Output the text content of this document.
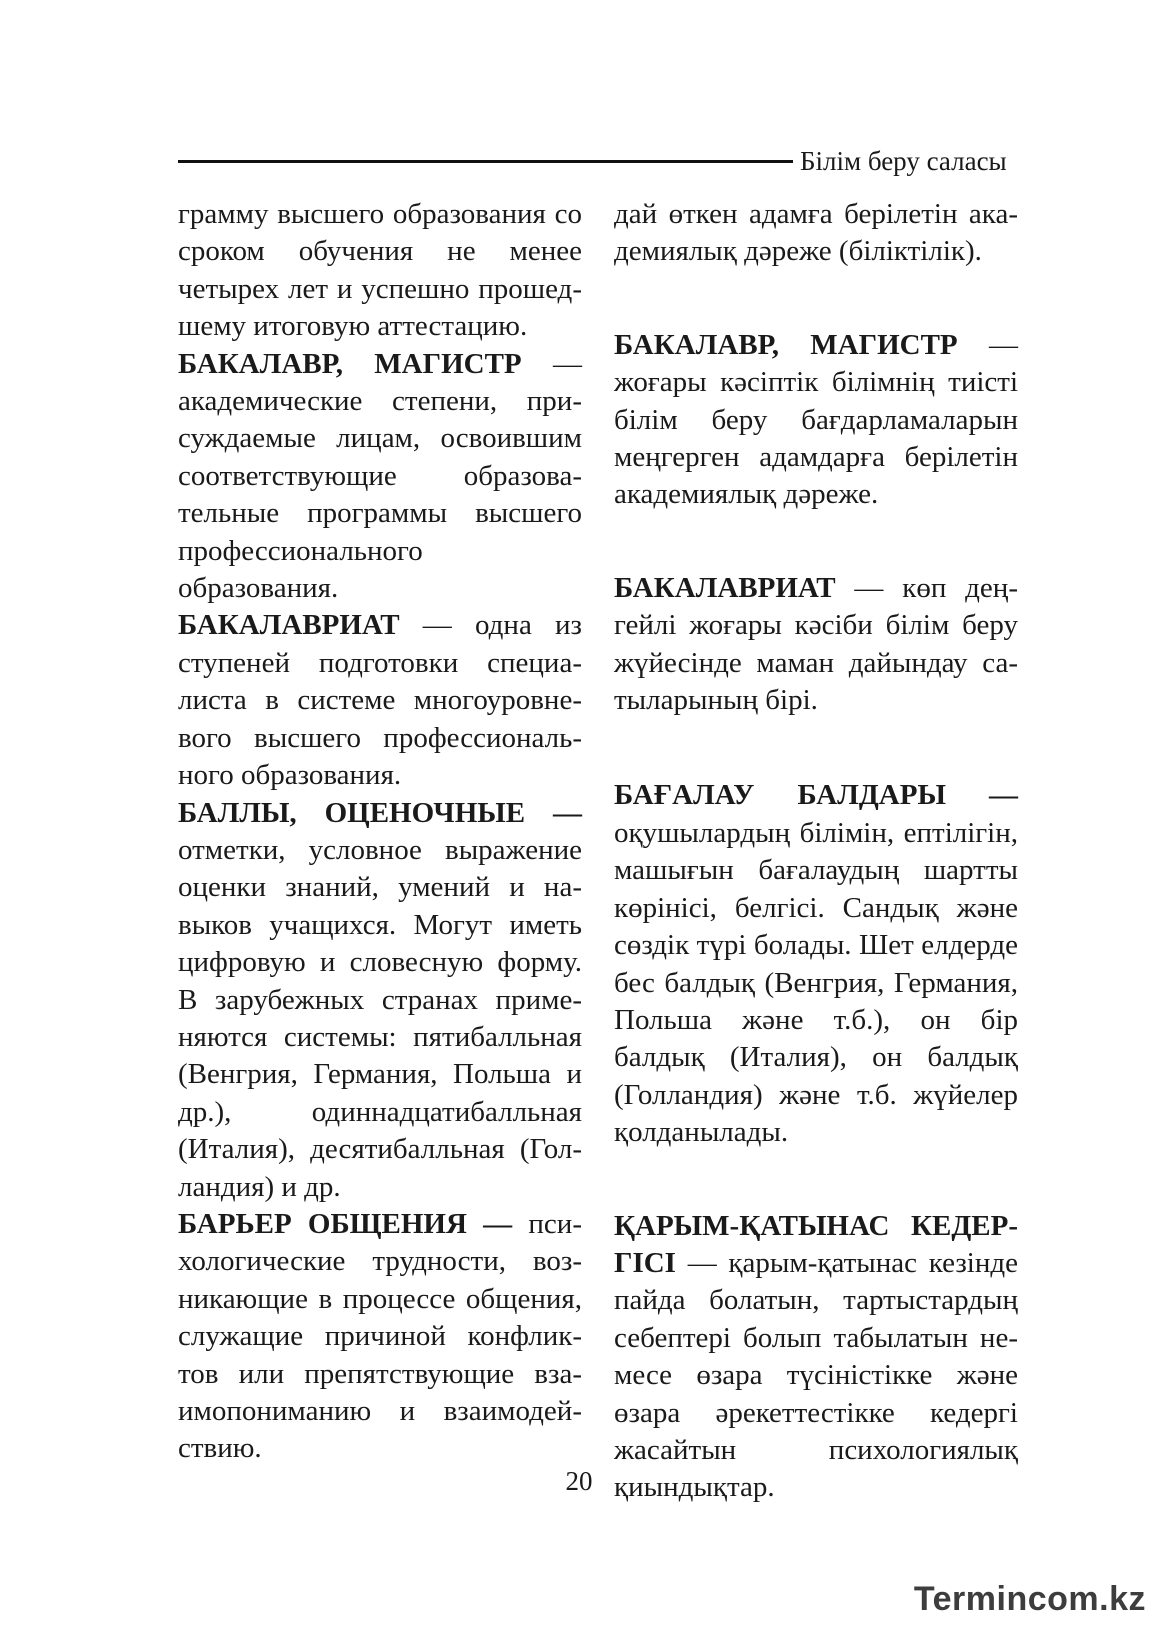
Білім беру саласы

грамму высшего образования со сроком обучения не менее четырех лет и успешно прошедшему итоговую аттестацию.

БАКАЛАВР, МАГИСТР — академические степени, присуждаемые лицам, освоившим соответствующие образовательные программы высшего профессионального образования.

БАКАЛАВРИАТ — одна из ступеней подготовки специалиста в системе многоуровневого высшего профессионального образования.

БАЛЛЫ, ОЦЕНОЧНЫЕ — отметки, условное выражение оценки знаний, умений и навыков учащихся. Могут иметь цифровую и словесную форму. В зарубежных странах применяются системы: пятибалльная (Венгрия, Германия, Польша и др.), одиннадцатибалльная (Италия), десятибалльная (Голландия) и др.

БАРЬЕР ОБЩЕНИЯ — психологические трудности, возникающие в процессе общения, служащие причиной конфликтов или препятствующие взаимопониманию и взаимодействию.

дай өткен адамға берілетін академиялық дәреже (біліктілік).

БАКАЛАВР, МАГИСТР — жоғары кәсіптік білімнің тиісті білім беру бағдарламаларын меңгерген адамдарға берілетін академиялық дәреже.

БАКАЛАВРИАТ — көп деңгейлі жоғары кәсіби білім беру жүйесінде маман дайындау сатыларының бірі.

БАҒАЛАУ БАЛДАРЫ — оқушылардың білімін, ептілігін, машығын бағалаудың шартты көрінісі, белгісі. Сандық және сөздік түрі болады. Шет елдерде бес балдық (Венгрия, Германия, Польша және т.б.), он бір балдық (Италия), он балдық (Голландия) және т.б. жүйелер қолданылады.

ҚАРЫМ-ҚАТЫНАС КЕДЕРГІСІ — қарым-қатынас кезінде пайда болатын, тартыстардың себептері болып табылатын немесе өзара түсіністікке және өзара әрекеттестікке кедергі жасайтын психологиялық қиындықтар.

20
Termincom.kz
